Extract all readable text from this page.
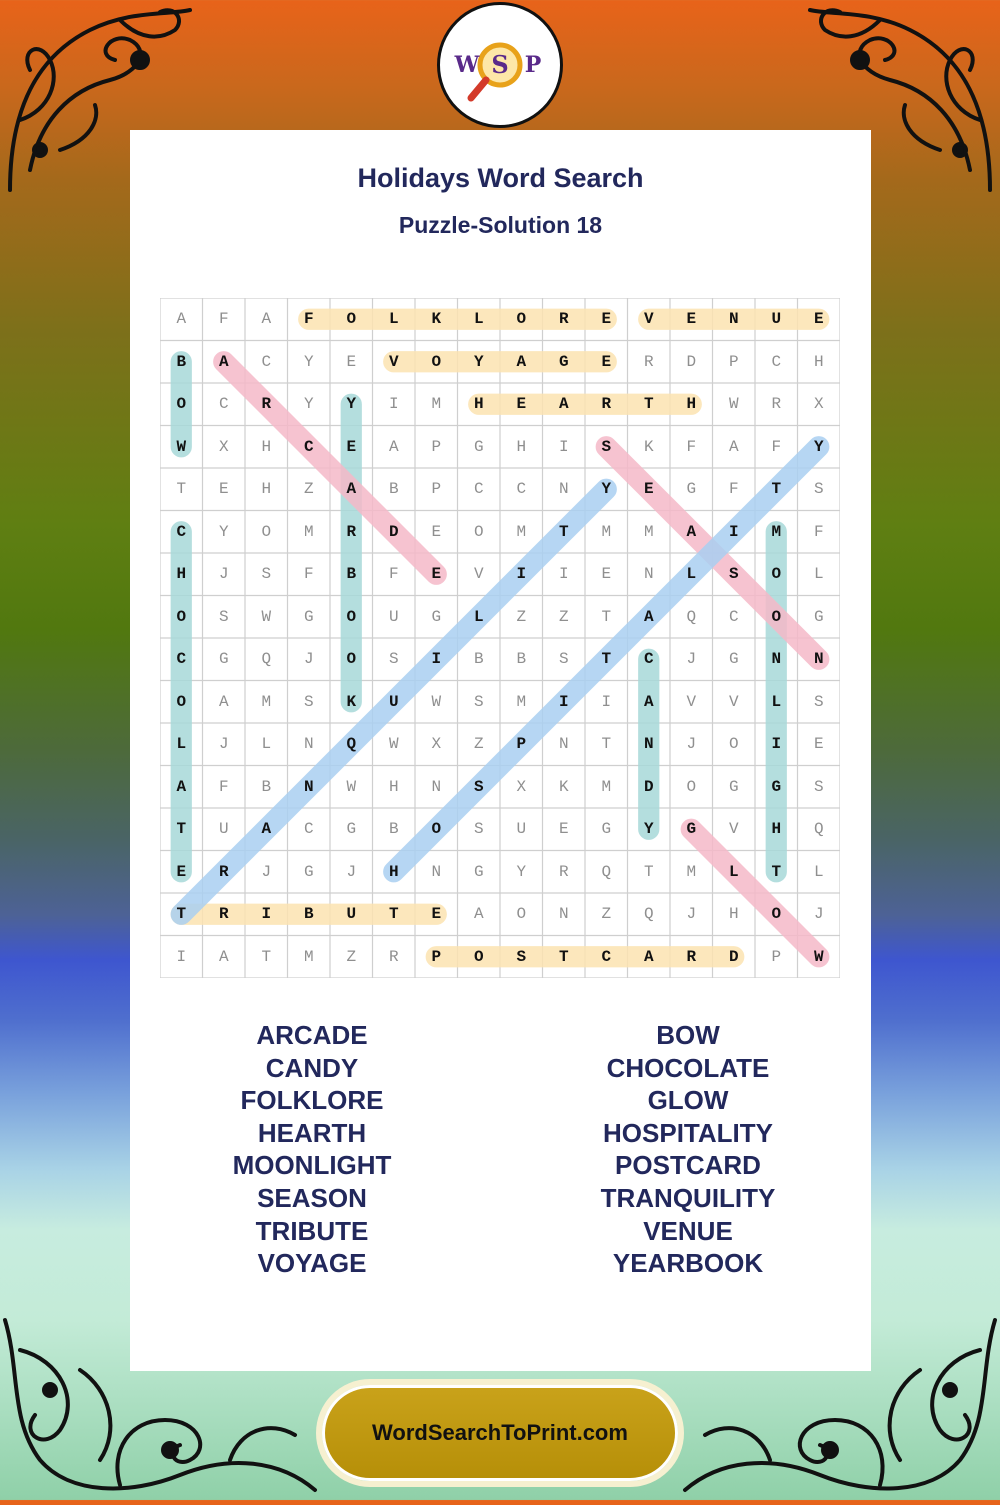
W S P
Holidays Word Search
Puzzle-Solution 18
A	F	A	F	O	L	K	L	O	R	E	V	E	N	U	E
B	A	C	Y	E	V	O	Y	A	G	E	R	D	P	C	H
O	C	R	Y	Y	I	M	H	E	A	R	T	H	W	R	X
W	X	H	C	E	A	P	G	H	I	S	K	F	A	F	Y
T	E	H	Z	A	B	P	C	C	N	Y	E	G	F	T	S
C	Y	O	M	R	D	E	O	M	T	M	M	A	I	M	F
H	J	S	F	B	F	E	V	I	I	E	N	L	S	O	L
O	S	W	G	O	U	G	L	Z	Z	T	A	Q	C	O	G
C	G	Q	J	O	S	I	B	B	S	T	C	J	G	N	N
O	A	M	S	K	U	W	S	M	I	I	A	V	V	L	S
L	J	L	N	Q	W	X	Z	P	N	T	N	J	O	I	E
A	F	B	N	W	H	N	S	X	K	M	D	O	G	G	S
T	U	A	C	G	B	O	S	U	E	G	Y	G	V	H	Q
E	R	J	G	J	H	N	G	Y	R	Q	T	M	L	T	L
T	R	I	B	U	T	E	A	O	N	Z	Q	J	H	O	J
I	A	T	M	Z	R	P	O	S	T	C	A	R	D	P	W
ARCADE
CANDY
FOLKLORE
HEARTH
MOONLIGHT
SEASON
TRIBUTE
VOYAGE
BOW
CHOCOLATE
GLOW
HOSPITALITY
POSTCARD
TRANQUILITY
VENUE
YEARBOOK
WordSearchToPrint.com
